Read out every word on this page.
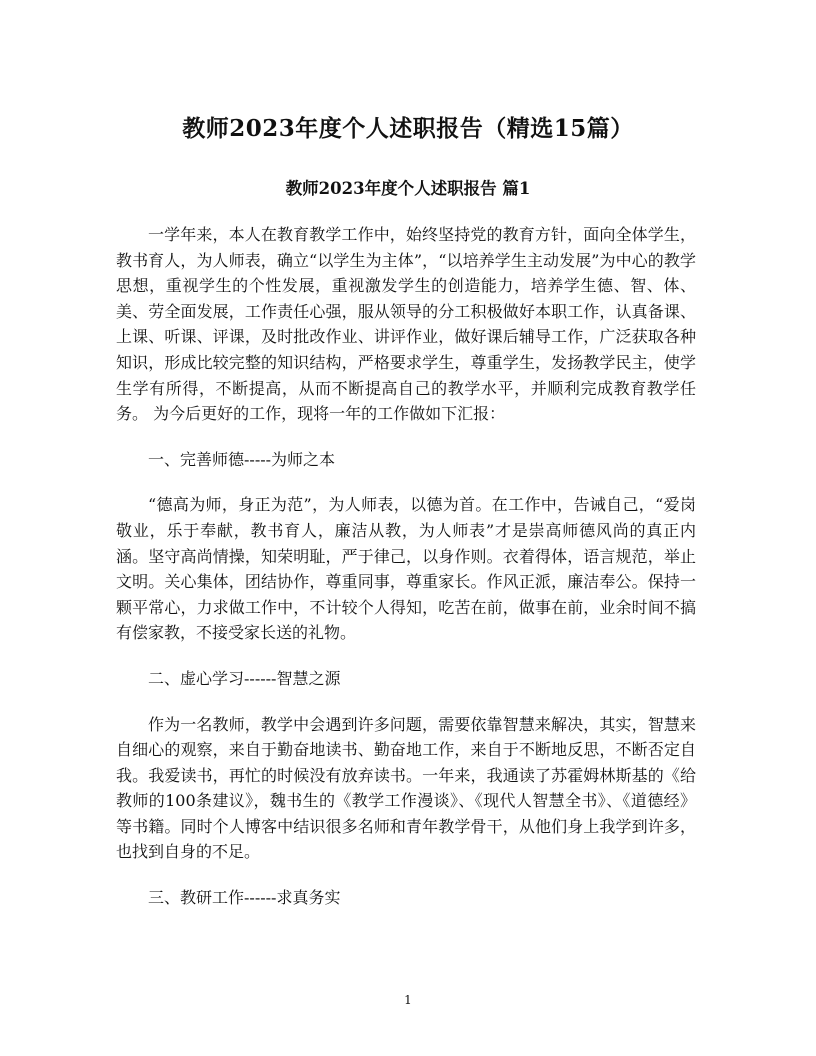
教师2023年度个人述职报告（精选15篇）
教师2023年度个人述职报告 篇1

一学年来，本人在教育教学工作中，始终坚持党的教育方针，面向全体学生，教书育人，为人师表，确立“以学生为主体”，“以培养学生主动发展”为中心的教学思想，重视学生的个性发展，重视激发学生的创造能力，培养学生德、智、体、美、劳全面发展，工作责任心强，服从领导的分工积极做好本职工作，认真备课、上课、听课、评课，及时批改作业、讲评作业，做好课后辅导工作，广泛获取各种知识，形成比较完整的知识结构，严格要求学生，尊重学生，发扬教学民主，使学生学有所得，不断提高，从而不断提高自己的教学水平，并顺利完成教育教学任务。 为今后更好的工作，现将一年的工作做如下汇报：

一、完善师德-----为师之本

“德高为师，身正为范”，为人师表，以德为首。在工作中，告诫自己，“爱岗敬业，乐于奉献，教书育人，廉洁从教，为人师表”才是崇高师德风尚的真正内涵。坚守高尚情操，知荣明耻，严于律己，以身作则。衣着得体，语言规范，举止文明。关心集体，团结协作，尊重同事，尊重家长。作风正派，廉洁奉公。保持一颗平常心，力求做工作中，不计较个人得知，吃苦在前，做事在前，业余时间不搞有偿家教，不接受家长送的礼物。

二、虚心学习------智慧之源

作为一名教师，教学中会遇到许多问题，需要依靠智慧来解决，其实，智慧来自细心的观察，来自于勤奋地读书、勤奋地工作，来自于不断地反思，不断否定自我。我爱读书，再忙的时候没有放弃读书。一年来，我通读了苏霍姆林斯基的《给教师的100条建议》，魏书生的《教学工作漫谈》、《现代人智慧全书》、《道德经》等书籍。同时个人博客中结识很多名师和青年教学骨干，从他们身上我学到许多，也找到自身的不足。

三、教研工作------求真务实

1
